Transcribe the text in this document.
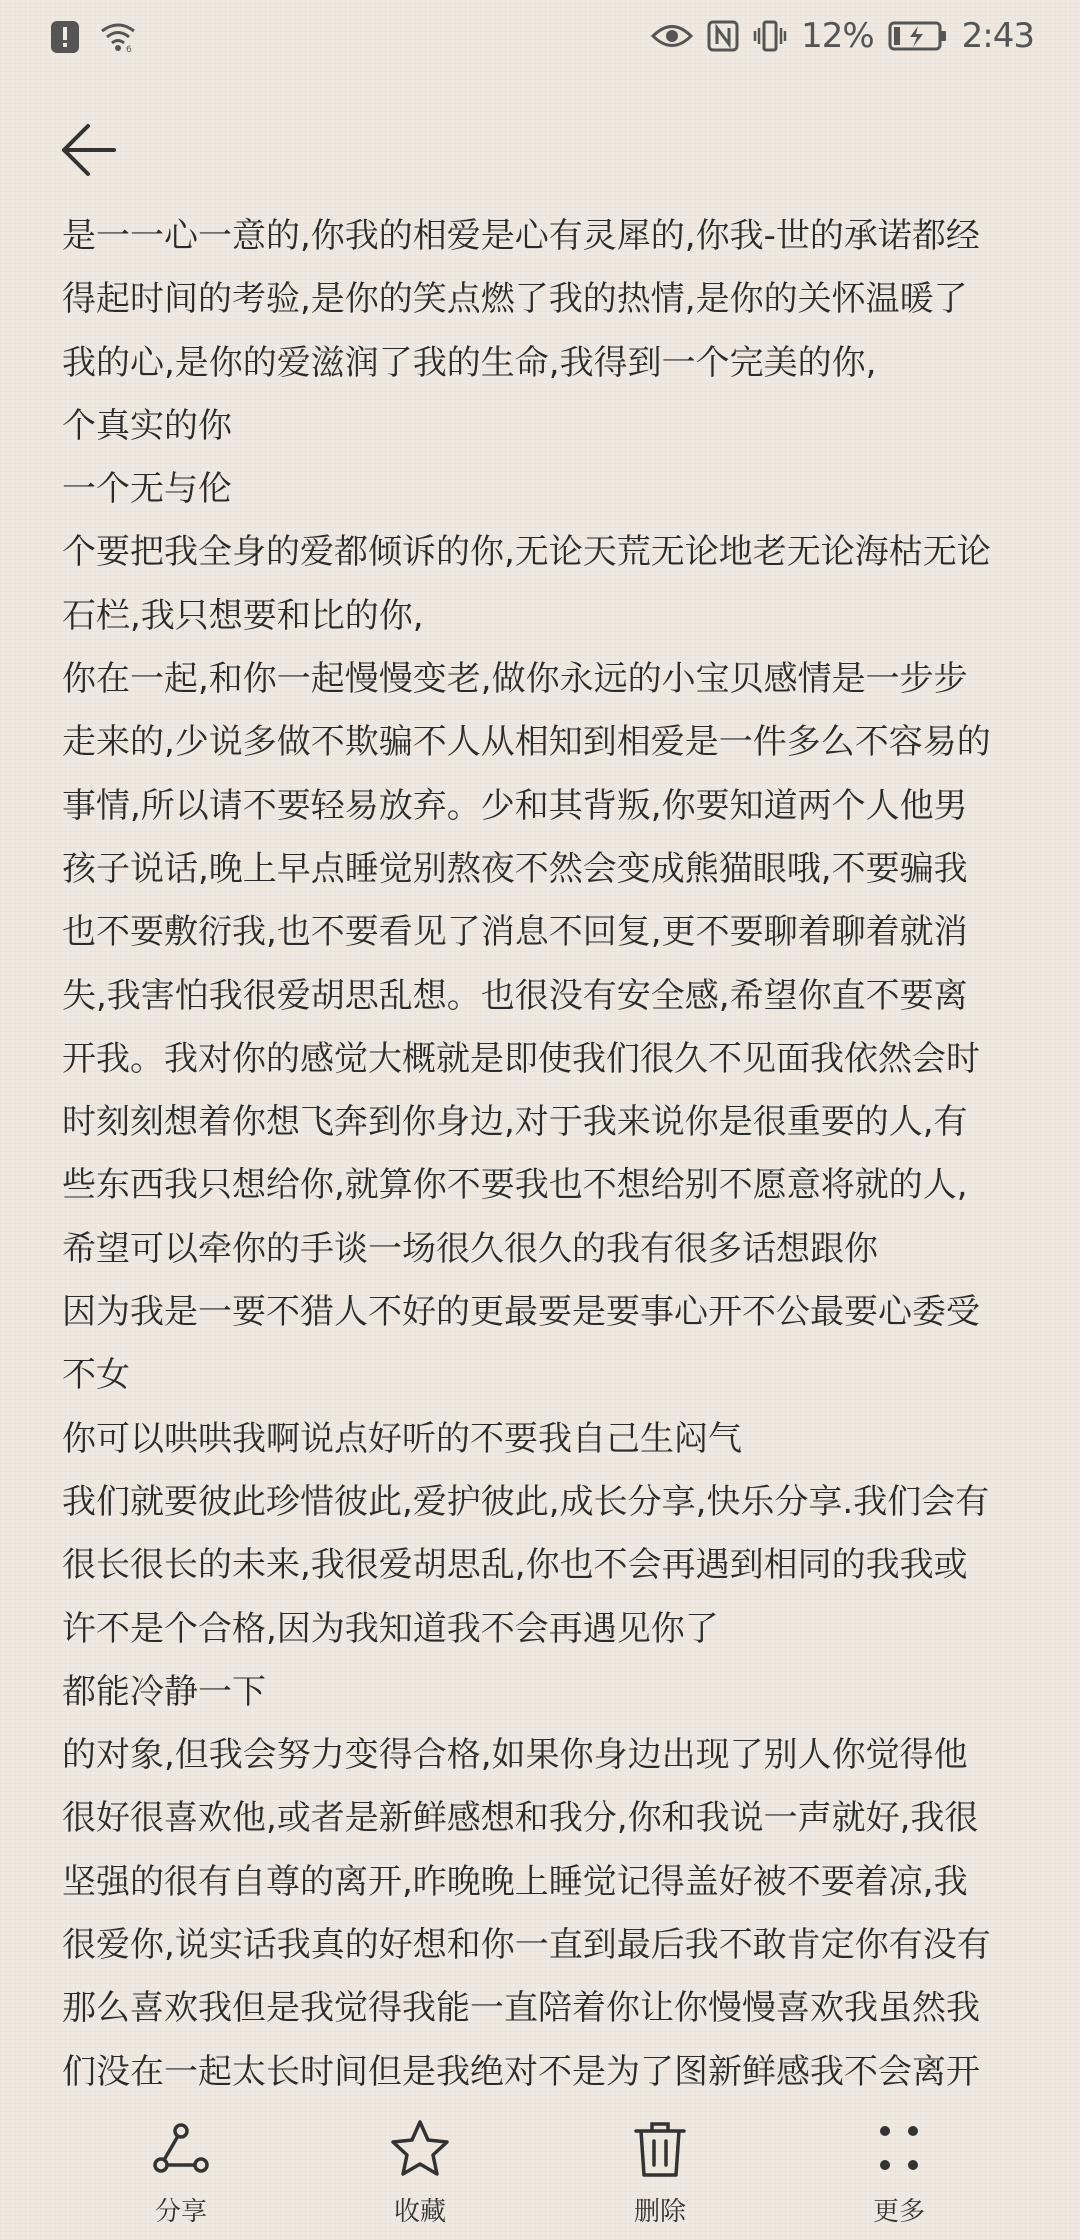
6	12%	2:43

是一一心一意的,你我的相爱是心有灵犀的,你我-世的承诺都经

得起时间的考验,是你的笑点燃了我的热情,是你的关怀温暖了

我的心,是你的爱滋润了我的生命,我得到一个完美的你,

个真实的你

一个无与伦

个要把我全身的爱都倾诉的你,无论天荒无论地老无论海枯无论

石栏,我只想要和比的你,

你在一起,和你一起慢慢变老,做你永远的小宝贝感情是一步步

走来的,少说多做不欺骗不人从相知到相爱是一件多么不容易的

事情,所以请不要轻易放弃。少和其背叛,你要知道两个人他男

孩子说话,晚上早点睡觉别熬夜不然会变成熊猫眼哦,不要骗我

也不要敷衍我,也不要看见了消息不回复,更不要聊着聊着就消

失,我害怕我很爱胡思乱想。也很没有安全感,希望你直不要离

开我。我对你的感觉大概就是即使我们很久不见面我依然会时

时刻刻想着你想飞奔到你身边,对于我来说你是很重要的人,有

些东西我只想给你,就算你不要我也不想给别不愿意将就的人,

希望可以牵你的手谈一场很久很久的我有很多话想跟你

因为我是一要不猎人不好的更最要是要事心开不公最要心委受

不女

你可以哄哄我啊说点好听的不要我自己生闷气

我们就要彼此珍惜彼此,爱护彼此,成长分享,快乐分享.我们会有

很长很长的未来,我很爱胡思乱,你也不会再遇到相同的我我或

许不是个合格,因为我知道我不会再遇见你了

都能冷静一下

的对象,但我会努力变得合格,如果你身边出现了别人你觉得他

很好很喜欢他,或者是新鲜感想和我分,你和我说一声就好,我很

坚强的很有自尊的离开,昨晚晚上睡觉记得盖好被不要着凉,我

很爱你,说实话我真的好想和你一直到最后我不敢肯定你有没有

那么喜欢我但是我觉得我能一直陪着你让你慢慢喜欢我虽然我

们没在一起太长时间但是我绝对不是为了图新鲜感我不会离开

分享	收藏	删除	更多
